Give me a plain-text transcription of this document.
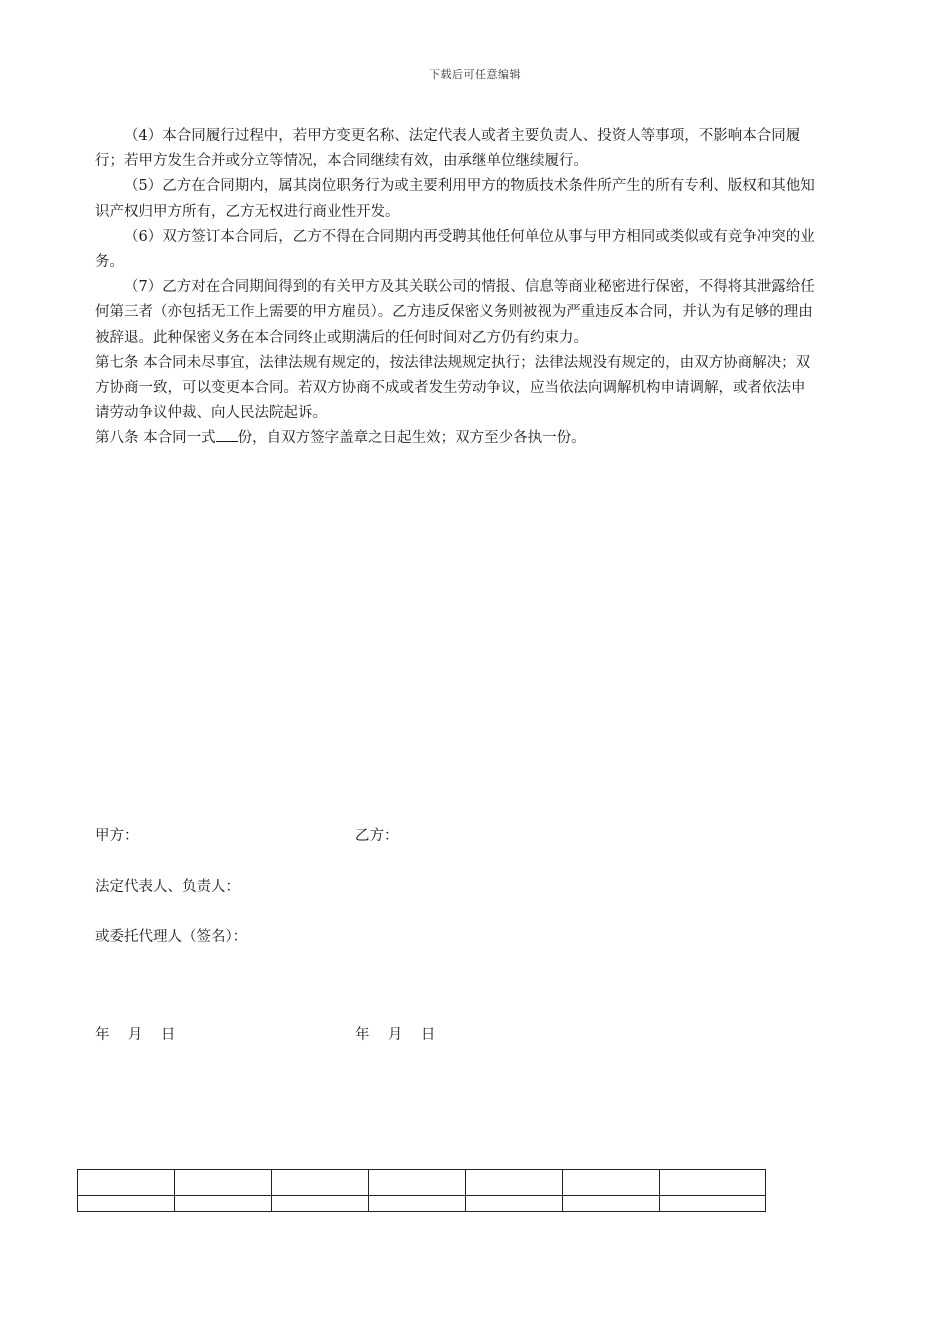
下载后可任意编辑

（4）本合同履行过程中，若甲方变更名称、法定代表人或者主要负责人、投资人等事项，不影响本合同履行；若甲方发生合并或分立等情况，本合同继续有效，由承继单位继续履行。

（5）乙方在合同期内，属其岗位职务行为或主要利用甲方的物质技术条件所产生的所有专利、版权和其他知识产权归甲方所有，乙方无权进行商业性开发。

（6）双方签订本合同后，乙方不得在合同期内再受聘其他任何单位从事与甲方相同或类似或有竞争冲突的业务。

（7）乙方对在合同期间得到的有关甲方及其关联公司的情报、信息等商业秘密进行保密，不得将其泄露给任何第三者（亦包括无工作上需要的甲方雇员）。乙方违反保密义务则被视为严重违反本合同，并认为有足够的理由被辞退。此种保密义务在本合同终止或期满后的任何时间对乙方仍有约束力。

第七条 本合同未尽事宜，法律法规有规定的，按法律法规规定执行；法律法规没有规定的，由双方协商解决；双方协商一致，可以变更本合同。若双方协商不成或者发生劳动争议，应当依法向调解机构申请调解，或者依法申请劳动争议仲裁、向人民法院起诉。

第八条 本合同一式 份，自双方签字盖章之日起生效；双方至少各执一份。

甲方：	乙方：
法定代表人、负责人：
或委托代理人（签名）：
年    月    日	年    月    日
